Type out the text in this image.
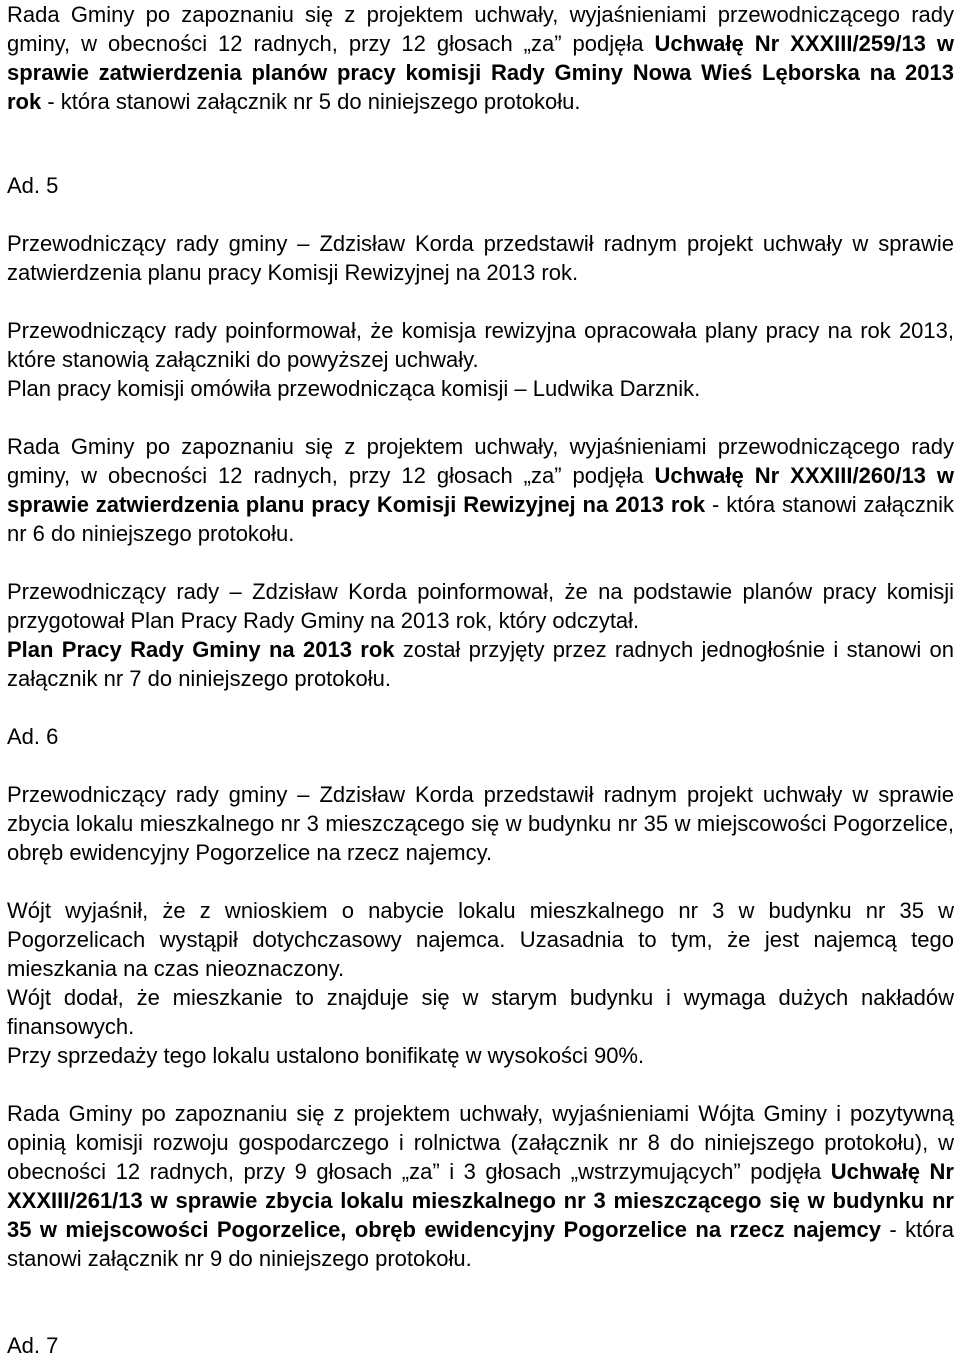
Rada Gminy po zapoznaniu się z projektem uchwały, wyjaśnieniami przewodniczącego rady gminy, w obecności 12 radnych, przy 12 głosach „za” podjęła Uchwałę Nr XXXIII/259/13 w sprawie zatwierdzenia planów pracy komisji Rady Gminy Nowa Wieś Lęborska na 2013 rok - która stanowi załącznik nr 5 do niniejszego protokołu.

Ad. 5

Przewodniczący rady gminy – Zdzisław Korda przedstawił radnym projekt uchwały w sprawie zatwierdzenia planu pracy Komisji Rewizyjnej na 2013 rok.

Przewodniczący rady poinformował, że komisja rewizyjna opracowała plany pracy na rok 2013, które stanowią załączniki do powyższej uchwały.

Plan pracy komisji omówiła przewodnicząca komisji – Ludwika Darznik.

Rada Gminy po zapoznaniu się z projektem uchwały, wyjaśnieniami przewodniczącego rady gminy, w obecności 12 radnych, przy 12 głosach „za” podjęła Uchwałę Nr XXXIII/260/13 w sprawie zatwierdzenia planu pracy Komisji Rewizyjnej na 2013 rok - która stanowi załącznik nr 6 do niniejszego protokołu.

Przewodniczący rady – Zdzisław Korda poinformował, że na podstawie planów pracy komisji przygotował Plan Pracy Rady Gminy na 2013 rok, który odczytał.

Plan Pracy Rady Gminy na 2013 rok został przyjęty przez radnych jednogłośnie i stanowi on załącznik nr 7 do niniejszego protokołu.

Ad. 6

Przewodniczący rady gminy – Zdzisław Korda przedstawił radnym projekt uchwały w sprawie zbycia lokalu mieszkalnego nr 3 mieszczącego się w budynku nr 35 w miejscowości Pogorzelice, obręb ewidencyjny Pogorzelice na rzecz najemcy.

Wójt wyjaśnił, że z wnioskiem o nabycie lokalu mieszkalnego nr 3 w budynku nr 35 w Pogorzelicach wystąpił dotychczasowy najemca. Uzasadnia to tym, że jest najemcą tego mieszkania na czas nieoznaczony.

Wójt dodał, że mieszkanie to znajduje się w starym budynku i wymaga dużych nakładów finansowych.

Przy sprzedaży tego lokalu ustalono bonifikatę w wysokości 90%.

Rada Gminy po zapoznaniu się z projektem uchwały, wyjaśnieniami Wójta Gminy i pozytywną opinią komisji rozwoju gospodarczego i rolnictwa (załącznik nr 8 do niniejszego protokołu), w obecności 12 radnych, przy 9 głosach „za” i 3 głosach „wstrzymujących” podjęła Uchwałę Nr XXXIII/261/13 w sprawie zbycia lokalu mieszkalnego nr 3 mieszczącego się w budynku nr 35 w miejscowości Pogorzelice, obręb ewidencyjny Pogorzelice na rzecz najemcy - która stanowi załącznik nr 9 do niniejszego protokołu.

Ad. 7
